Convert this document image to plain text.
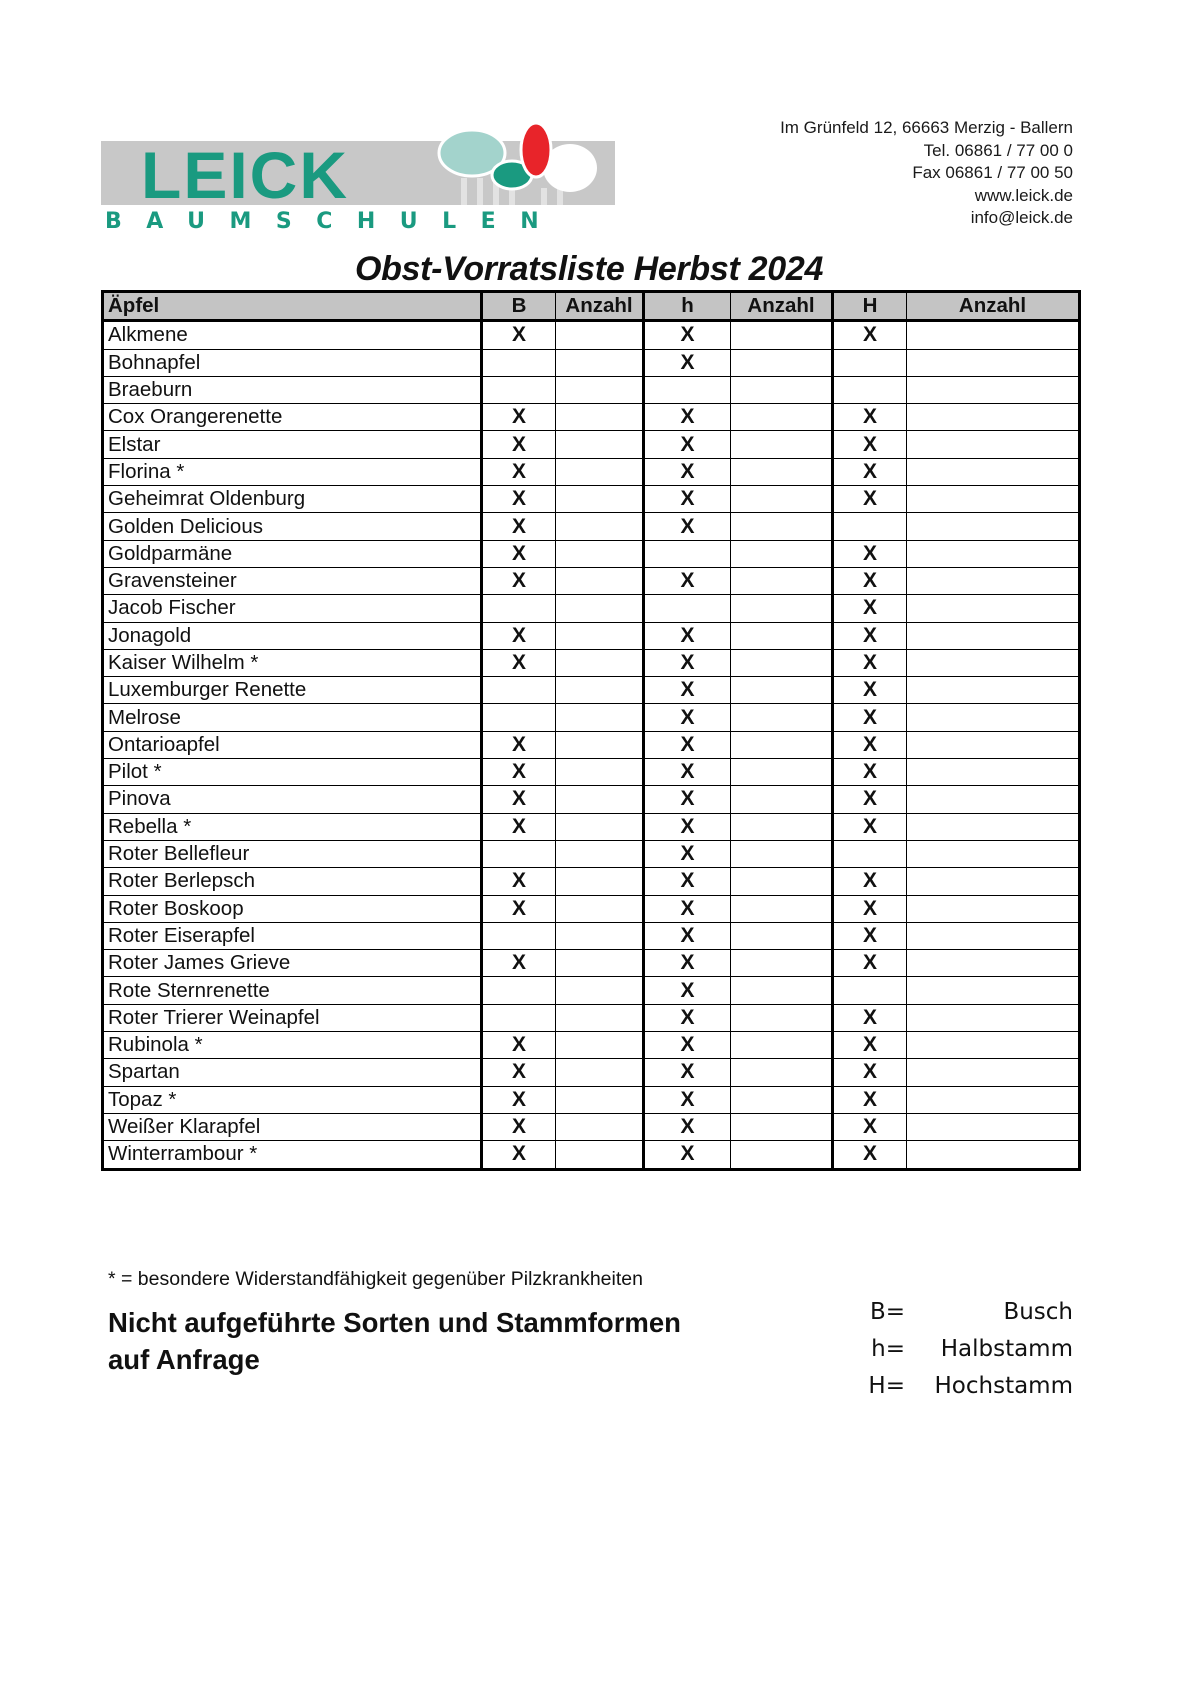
LEICK
BAUMSCHULEN
Im Grünfeld 12, 66663 Merzig - Ballern
Tel. 06861 / 77 00 0
Fax 06861 / 77 00 50
www.leick.de
info@leick.de
Obst-Vorratsliste Herbst 2024
Äpfel	B	Anzahl	h	Anzahl	H	Anzahl
Alkmene	X		X		X	
Bohnapfel			X			
Braeburn						
Cox Orangerenette	X		X		X	
Elstar	X		X		X	
Florina *	X		X		X	
Geheimrat Oldenburg	X		X		X	
Golden Delicious	X		X			
Goldparmäne	X				X	
Gravensteiner	X		X		X	
Jacob Fischer					X	
Jonagold	X		X		X	
Kaiser Wilhelm *	X		X		X	
Luxemburger Renette			X		X	
Melrose			X		X	
Ontarioapfel	X		X		X	
Pilot *	X		X		X	
Pinova	X		X		X	
Rebella *	X		X		X	
Roter Bellefleur			X			
Roter Berlepsch	X		X		X	
Roter Boskoop	X		X		X	
Roter Eiserapfel			X		X	
Roter James Grieve	X		X		X	
Rote Sternrenette			X			
Roter Trierer Weinapfel			X		X	
Rubinola *	X		X		X	
Spartan	X		X		X	
Topaz *	X		X		X	
Weißer Klarapfel	X		X		X	
Winterrambour *	X		X		X	
* = besondere Widerstandfähigkeit gegenüber Pilzkrankheiten
Nicht aufgeführte Sorten und Stammformen
auf Anfrage
B=	Busch
h= Halbstamm
H= Hochstamm
